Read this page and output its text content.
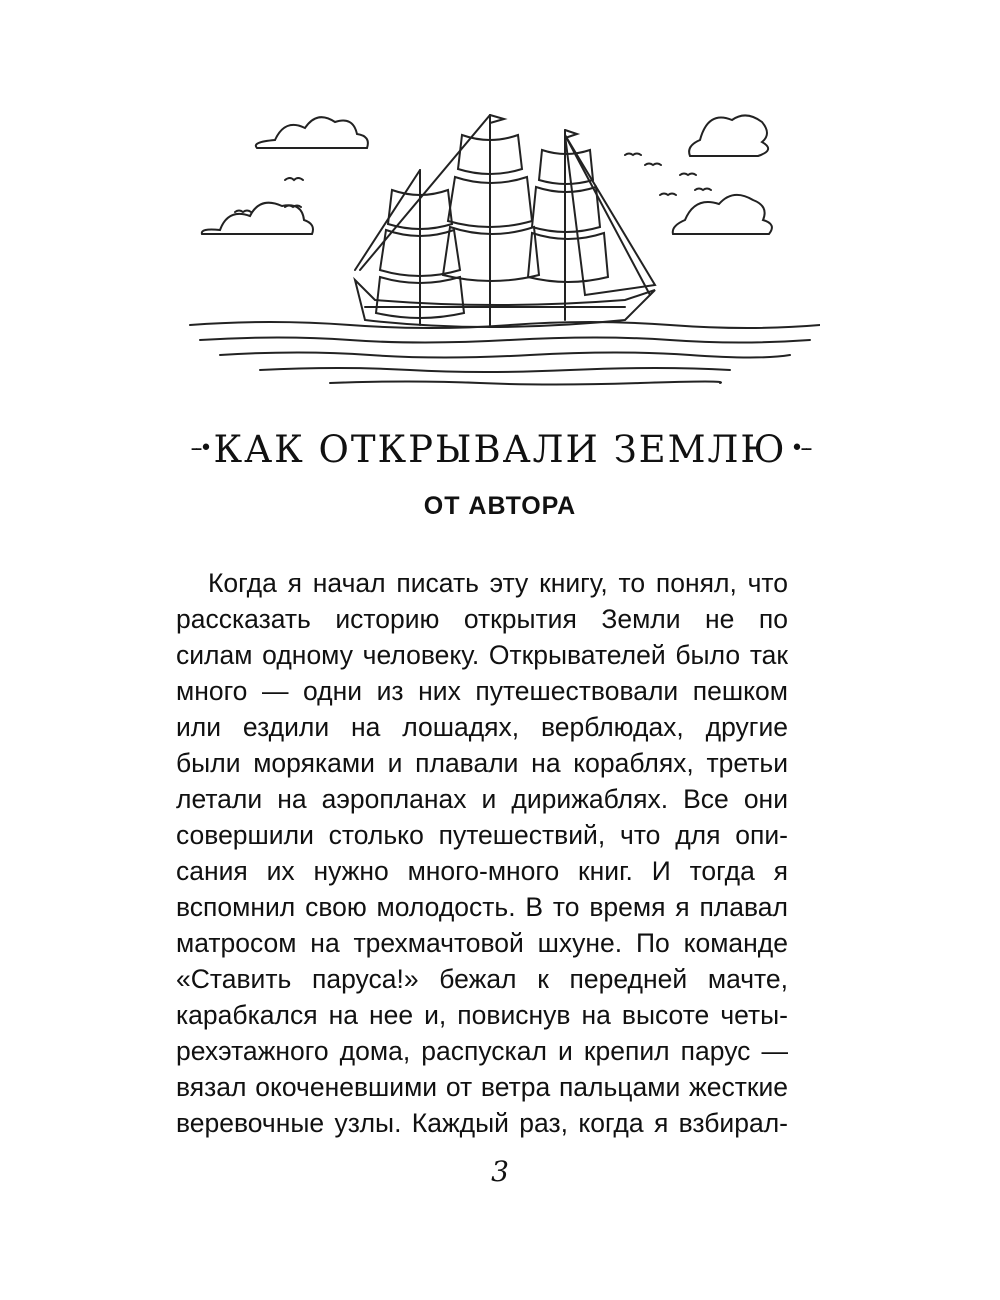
--• КАК ОТКРЫВАЛИ ЗЕМЛЮ •--
ОТ АВТОРА
Когда я начал писать эту книгу, то понял, что
рассказать историю открытия Земли не по
силам одному человеку. Открывателей было так
много — одни из них путешествовали пешком
или ездили на лошадях, верблюдах, другие
были моряками и плавали на кораблях, третьи
летали на аэропланах и дирижаблях. Все они
совершили столько путешествий, что для опи-
сания их нужно много-много книг. И тогда я
вспомнил свою молодость. В то время я плавал
матросом на трехмачтовой шхуне. По команде
«Ставить паруса!» бежал к передней мачте,
карабкался на нее и, повиснув на высоте четы-
рехэтажного дома, распускал и крепил парус —
вязал окоченевшими от ветра пальцами жесткие
веревочные узлы. Каждый раз, когда я взбирал-
3
